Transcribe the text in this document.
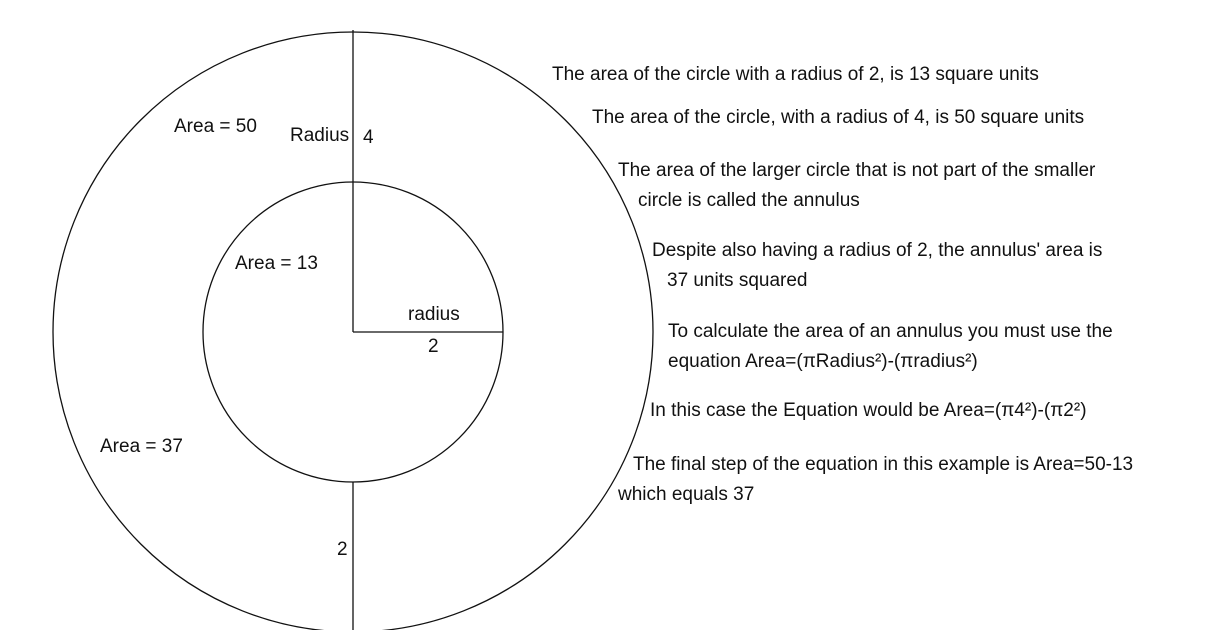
Area = 50 Radius 4
Area = 13
radius
2
Area = 37
2
The area of the circle with a radius of 2, is 13 square units
The area of the circle, with a radius of 4, is 50 square units
The area of the larger circle that is not part of the smaller
circle is called the annulus
Despite also having a radius of 2, the annulus' area is
37 units squared
To calculate the area of an annulus you must use the
equation Area=(πRadius²)-(πradius²)
In this case the Equation would be Area=(π4²)-(π2²)
The final step of the equation in this example is Area=50-13
which equals 37
